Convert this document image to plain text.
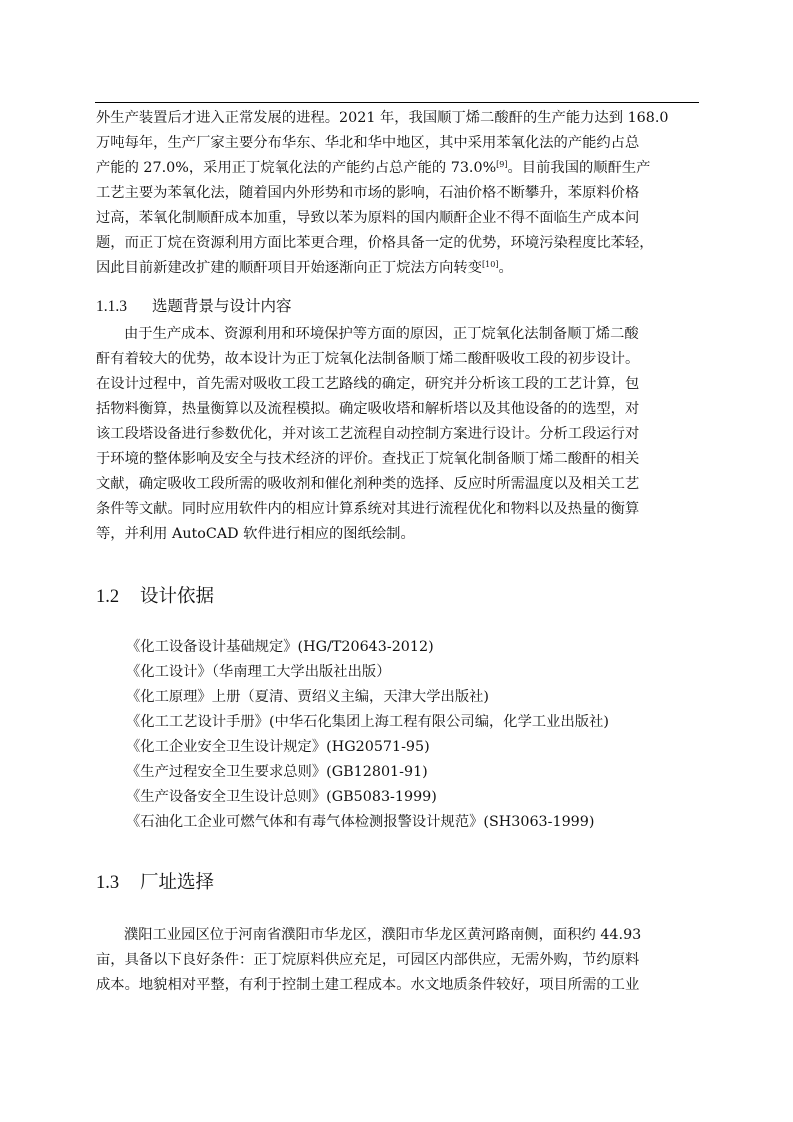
外生产装置后才进入正常发展的进程。2021 年，我国顺丁烯二酸酐的生产能力达到 168.0
万吨每年，生产厂家主要分布华东、华北和华中地区，其中采用苯氧化法的产能约占总
产能的 27.0%，采用正丁烷氧化法的产能约占总产能的 73.0%[9]。目前我国的顺酐生产
工艺主要为苯氧化法，随着国内外形势和市场的影响，石油价格不断攀升，苯原料价格
过高，苯氧化制顺酐成本加重，导致以苯为原料的国内顺酐企业不得不面临生产成本问
题，而正丁烷在资源利用方面比苯更合理，价格具备一定的优势，环境污染程度比苯轻，
因此目前新建改扩建的顺酐项目开始逐渐向正丁烷法方向转变[10]。
1.1.3 选题背景与设计内容
由于生产成本、资源利用和环境保护等方面的原因，正丁烷氧化法制备顺丁烯二酸
酐有着较大的优势，故本设计为正丁烷氧化法制备顺丁烯二酸酐吸收工段的初步设计。
在设计过程中，首先需对吸收工段工艺路线的确定，研究并分析该工段的工艺计算，包
括物料衡算，热量衡算以及流程模拟。确定吸收塔和解析塔以及其他设备的的选型，对
该工段塔设备进行参数优化，并对该工艺流程自动控制方案进行设计。分析工段运行对
于环境的整体影响及安全与技术经济的评价。查找正丁烷氧化制备顺丁烯二酸酐的相关
文献，确定吸收工段所需的吸收剂和催化剂种类的选择、反应时所需温度以及相关工艺
条件等文献。同时应用软件内的相应计算系统对其进行流程优化和物料以及热量的衡算
等，并利用 AutoCAD 软件进行相应的图纸绘制。
1.2 设计依据
《化工设备设计基础规定》(HG/T20643-2012)
《化工设计》（华南理工大学出版社出版）
《化工原理》上册（夏清、贾绍义主编，天津大学出版社)
《化工工艺设计手册》(中华石化集团上海工程有限公司编，化学工业出版社)
《化工企业安全卫生设计规定》(HG20571-95)
《生产过程安全卫生要求总则》(GB12801-91)
《生产设备安全卫生设计总则》(GB5083-1999)
《石油化工企业可燃气体和有毒气体检测报警设计规范》(SH3063-1999)
1.3 厂址选择
濮阳工业园区位于河南省濮阳市华龙区，濮阳市华龙区黄河路南侧，面积约 44.93
亩，具备以下良好条件：正丁烷原料供应充足，可园区内部供应，无需外购，节约原料
成本。地貌相对平整，有利于控制土建工程成本。水文地质条件较好，项目所需的工业
